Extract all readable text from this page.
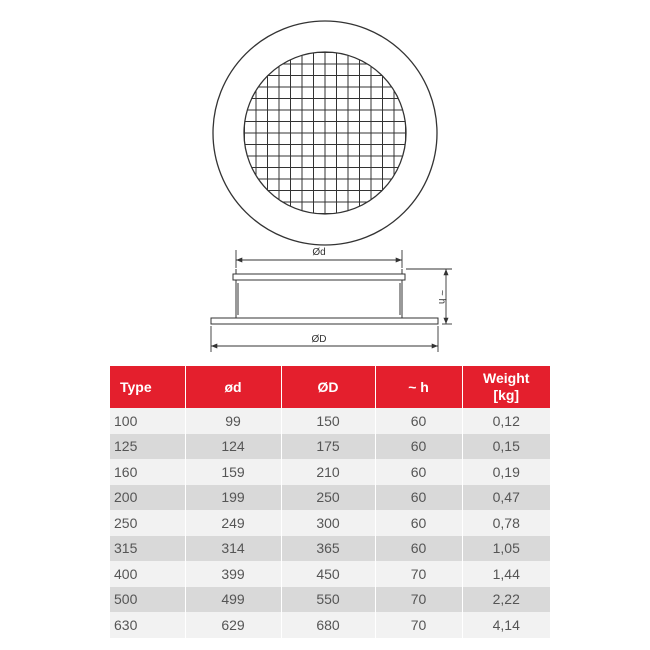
Ød
ØD
~ h
Type	ød	ØD	~ h	Weight
[kg]
100	99	150	60	0,12
125	124	175	60	0,15
160	159	210	60	0,19
200	199	250	60	0,47
250	249	300	60	0,78
315	314	365	60	1,05
400	399	450	70	1,44
500	499	550	70	2,22
630	629	680	70	4,14
